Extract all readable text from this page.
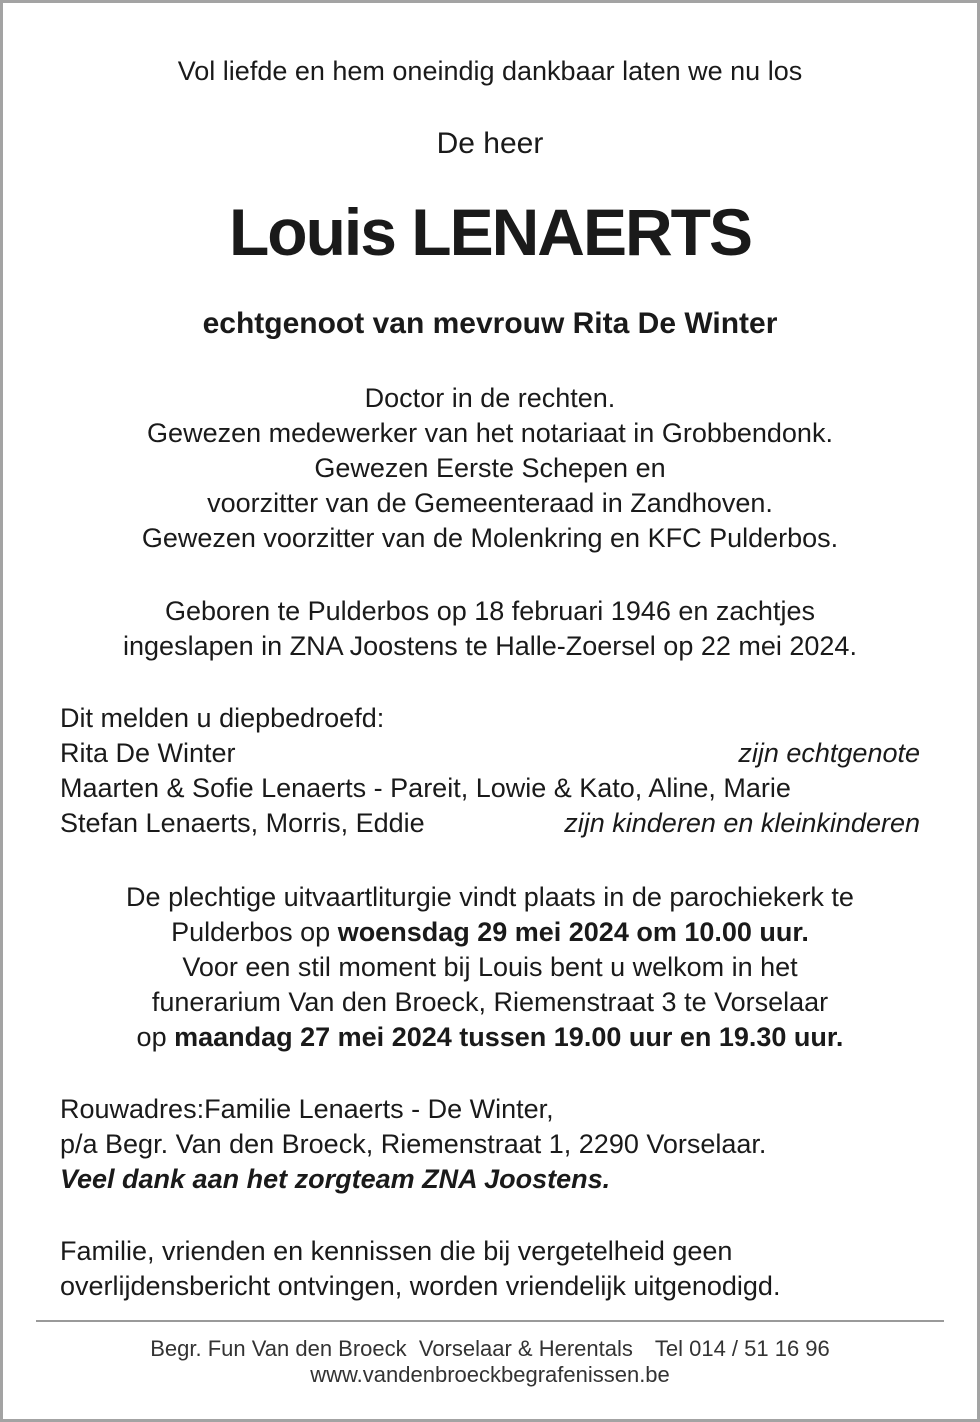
Vol liefde en hem oneindig dankbaar laten we nu los
De heer
Louis LENAERTS
echtgenoot van mevrouw Rita De Winter
Doctor in de rechten.
Gewezen medewerker van het notariaat in Grobbendonk.
Gewezen Eerste Schepen en
voorzitter van de Gemeenteraad in Zandhoven.
Gewezen voorzitter van de Molenkring en KFC Pulderbos.
Geboren te Pulderbos op 18 februari 1946 en zachtjes
ingeslapen in ZNA Joostens te Halle-Zoersel op 22 mei 2024.
Dit melden u diepbedroefd:
Rita De Winter	zijn echtgenote
Maarten & Sofie Lenaerts - Pareit, Lowie & Kato, Aline, Marie
Stefan Lenaerts, Morris, Eddie	zijn kinderen en kleinkinderen
De plechtige uitvaartliturgie vindt plaats in de parochiekerk te
Pulderbos op woensdag 29 mei 2024 om 10.00 uur.
Voor een stil moment bij Louis bent u welkom in het
funerarium Van den Broeck, Riemenstraat 3 te Vorselaar
op maandag 27 mei 2024 tussen 19.00 uur en 19.30 uur.
Rouwadres:Familie Lenaerts - De Winter,
p/a Begr. Van den Broeck, Riemenstraat 1, 2290 Vorselaar.
Veel dank aan het zorgteam ZNA Joostens.
Familie, vrienden en kennissen die bij vergetelheid geen
overlijdensbericht ontvingen, worden vriendelijk uitgenodigd.
Begr. Fun Van den Broeck  Vorselaar & Herentals Tel 014 / 51 16 96
www.vandenbroeckbegrafenissen.be
